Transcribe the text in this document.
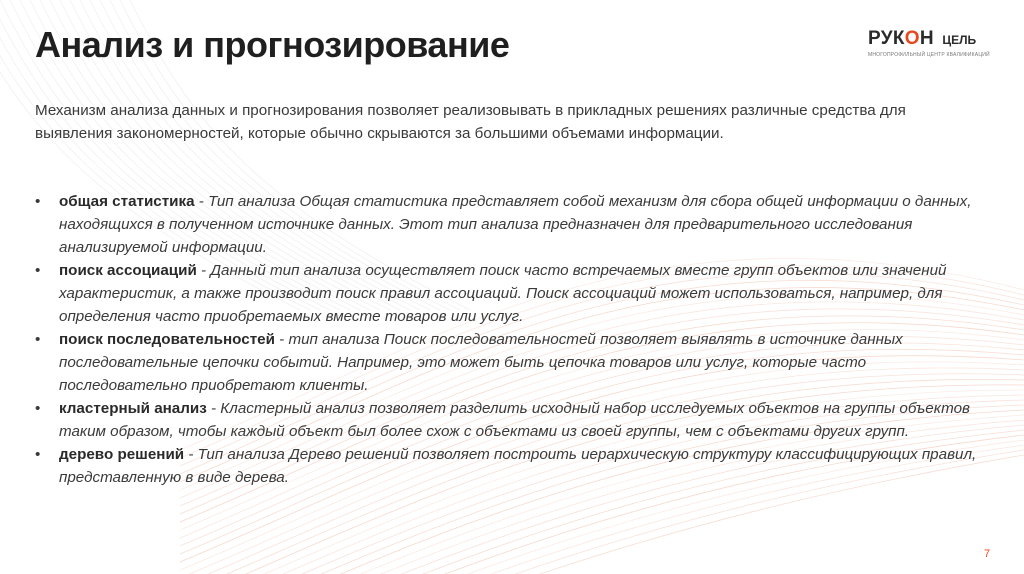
Анализ и прогнозирование	РУКОН ЦЕЛЬ
МНОГОПРОФИЛЬНЫЙ ЦЕНТР КВАЛИФИКАЦИЙ
Механизм анализа данных и прогнозирования позволяет реализовывать в прикладных решениях различные средства для выявления закономерностей, которые обычно скрываются за большими объемами информации.
• общая статистика - Тип анализа Общая статистика представляет собой механизм для сбора общей информации о данных, находящихся в полученном источнике данных. Этот тип анализа предназначен для предварительного исследования анализируемой информации.
• поиск ассоциаций - Данный тип анализа осуществляет поиск часто встречаемых вместе групп объектов или значений характеристик, а также производит поиск правил ассоциаций. Поиск ассоциаций может использоваться, например, для определения часто приобретаемых вместе товаров или услуг.
• поиск последовательностей - тип анализа Поиск последовательностей позволяет выявлять в источнике данных последовательные цепочки событий. Например, это может быть цепочка товаров или услуг, которые часто последовательно приобретают клиенты.
• кластерный анализ - Кластерный анализ позволяет разделить исходный набор исследуемых объектов на группы объектов таким образом, чтобы каждый объект был более схож с объектами из своей группы, чем с объектами других групп.
• дерево решений - Тип анализа Дерево решений позволяет построить иерархическую структуру классифицирующих правил, представленную в виде дерева.
7
